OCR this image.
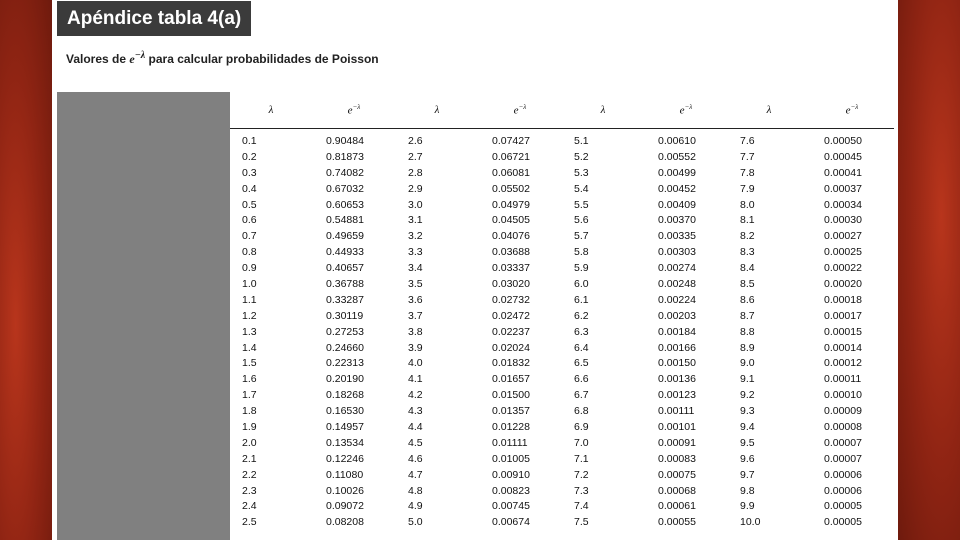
Apéndice tabla 4(a)
Valores de $e^{-\lambda}$ para calcular probabilidades de Poisson
λ	$e^{-\lambda}$	λ	$e^{-\lambda}$	λ	$e^{-\lambda}$	λ	$e^{-\lambda}$
0.1	0.90484	2.6	0.07427	5.1	0.00610	7.6	0.00050
0.2	0.81873	2.7	0.06721	5.2	0.00552	7.7	0.00045
0.3	0.74082	2.8	0.06081	5.3	0.00499	7.8	0.00041
0.4	0.67032	2.9	0.05502	5.4	0.00452	7.9	0.00037
0.5	0.60653	3.0	0.04979	5.5	0.00409	8.0	0.00034
0.6	0.54881	3.1	0.04505	5.6	0.00370	8.1	0.00030
0.7	0.49659	3.2	0.04076	5.7	0.00335	8.2	0.00027
0.8	0.44933	3.3	0.03688	5.8	0.00303	8.3	0.00025
0.9	0.40657	3.4	0.03337	5.9	0.00274	8.4	0.00022
1.0	0.36788	3.5	0.03020	6.0	0.00248	8.5	0.00020
1.1	0.33287	3.6	0.02732	6.1	0.00224	8.6	0.00018
1.2	0.30119	3.7	0.02472	6.2	0.00203	8.7	0.00017
1.3	0.27253	3.8	0.02237	6.3	0.00184	8.8	0.00015
1.4	0.24660	3.9	0.02024	6.4	0.00166	8.9	0.00014
1.5	0.22313	4.0	0.01832	6.5	0.00150	9.0	0.00012
1.6	0.20190	4.1	0.01657	6.6	0.00136	9.1	0.00011
1.7	0.18268	4.2	0.01500	6.7	0.00123	9.2	0.00010
1.8	0.16530	4.3	0.01357	6.8	0.00111	9.3	0.00009
1.9	0.14957	4.4	0.01228	6.9	0.00101	9.4	0.00008
2.0	0.13534	4.5	0.01111	7.0	0.00091	9.5	0.00007
2.1	0.12246	4.6	0.01005	7.1	0.00083	9.6	0.00007
2.2	0.11080	4.7	0.00910	7.2	0.00075	9.7	0.00006
2.3	0.10026	4.8	0.00823	7.3	0.00068	9.8	0.00006
2.4	0.09072	4.9	0.00745	7.4	0.00061	9.9	0.00005
2.5	0.08208	5.0	0.00674	7.5	0.00055	10.0	0.00005
